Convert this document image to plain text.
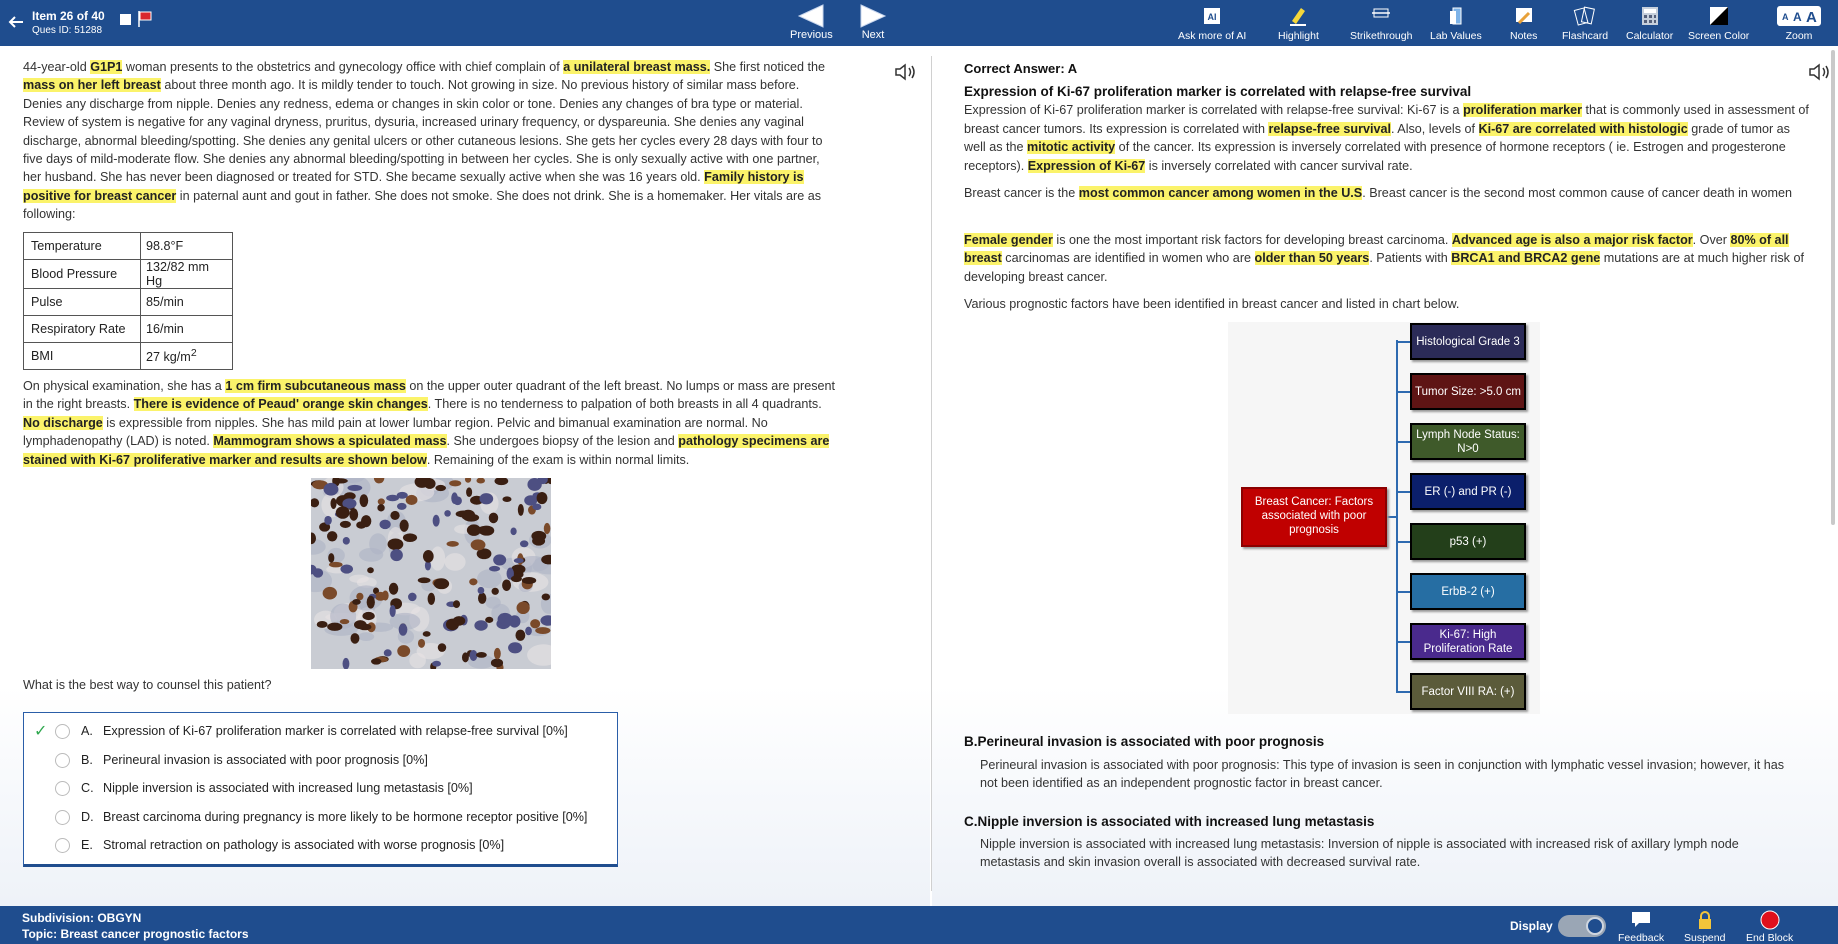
Item 26 of 40
Ques ID: 51288	Previous	Next
AI
Ask more of AI	Highlight	Strikethrough Lab Values	Notes Flashcard Calculator Screen Color
A A A
Zoom
44-year-old G1P1 woman presents to the obstetrics and gynecology office with chief complain of a unilateral breast mass. She first noticed the mass on her left breast about three month ago. It is mildly tender to touch. Not growing in size. No previous history of similar mass before. Denies any discharge from nipple. Denies any redness, edema or changes in skin color or tone. Denies any changes of bra type or material. Review of system is negative for any vaginal dryness, pruritus, dysuria, increased urinary frequency, or dyspareunia. She denies any vaginal discharge, abnormal bleeding/spotting. She denies any genital ulcers or other cutaneous lesions. She gets her cycles every 28 days with four to five days of mild-moderate flow. She denies any abnormal bleeding/spotting in between her cycles. She is only sexually active with one partner, her husband. She has never been diagnosed or treated for STD. She became sexually active when she was 16 years old. Family history is positive for breast cancer in paternal aunt and gout in father. She does not smoke. She does not drink. She is a homemaker. Her vitals are as following:
Temperature	98.8°F
Blood Pressure	132/82 mm Hg
Pulse	85/min
Respiratory Rate	16/min
BMI	27 $kg/m^2$
On physical examination, she has a 1 cm firm subcutaneous mass on the upper outer quadrant of the left breast. No lumps or mass are present in the right breasts. There is evidence of Peaud' orange skin changes. There is no tenderness to palpation of both breasts in all 4 quadrants. No discharge is expressible from nipples. She has mild pain at lower lumbar region. Pelvic and bimanual examination are normal. No lymphadenopathy (LAD) is noted. Mammogram shows a spiculated mass. She undergoes biopsy of the lesion and pathology specimens are stained with Ki-67 proliferative marker and results are shown below. Remaining of the exam is within normal limits.
What is the best way to counsel this patient?
✓	A. Expression of Ki-67 proliferation marker is correlated with relapse-free survival [0%]
B. Perineural invasion is associated with poor prognosis [0%]
C. Nipple inversion is associated with increased lung metastasis [0%]
D. Breast carcinoma during pregnancy is more likely to be hormone receptor positive [0%]
E. Stromal retraction on pathology is associated with worse prognosis [0%]
Correct Answer: A
Expression of Ki-67 proliferation marker is correlated with relapse-free survival
Expression of Ki-67 proliferation marker is correlated with relapse-free survival: Ki-67 is a proliferation marker that is commonly used in assessment of breast cancer tumors. Its expression is correlated with relapse-free survival. Also, levels of Ki-67 are correlated with histologic grade of tumor as well as the mitotic activity of the cancer. Its expression is inversely correlated with presence of hormone receptors ( ie. Estrogen and progesterone receptors). Expression of Ki-67 is inversely correlated with cancer survival rate.
Breast cancer is the most common cancer among women in the U.S. Breast cancer is the second most common cause of cancer death in women
Female gender is one the most important risk factors for developing breast carcinoma. Advanced age is also a major risk factor. Over 80% of all breast carcinomas are identified in women who are older than 50 years. Patients with BRCA1 and BRCA2 gene mutations are at much higher risk of developing breast cancer.
Various prognostic factors have been identified in breast cancer and listed in chart below.
Breast Cancer: Factors associated with poor prognosis
Histological Grade 3
Tumor Size: >5.0 cm
Lymph Node Status: N>0
ER (-) and PR (-)
p53 (+)
ErbB-2 (+)
Ki-67: High Proliferation Rate
Factor VIII RA: (+)
B.Perineural invasion is associated with poor prognosis
Perineural invasion is associated with poor prognosis: This type of invasion is seen in conjunction with lymphatic vessel invasion; however, it has not been identified as an independent prognostic factor in breast cancer.
C.Nipple inversion is associated with increased lung metastasis
Nipple inversion is associated with increased lung metastasis: Inversion of nipple is associated with increased risk of axillary lymph node metastasis and skin invasion overall is associated with decreased survival rate.
Subdivision: OBGYN
Topic: Breast cancer prognostic factors
Display
Feedback Suspend End Block
